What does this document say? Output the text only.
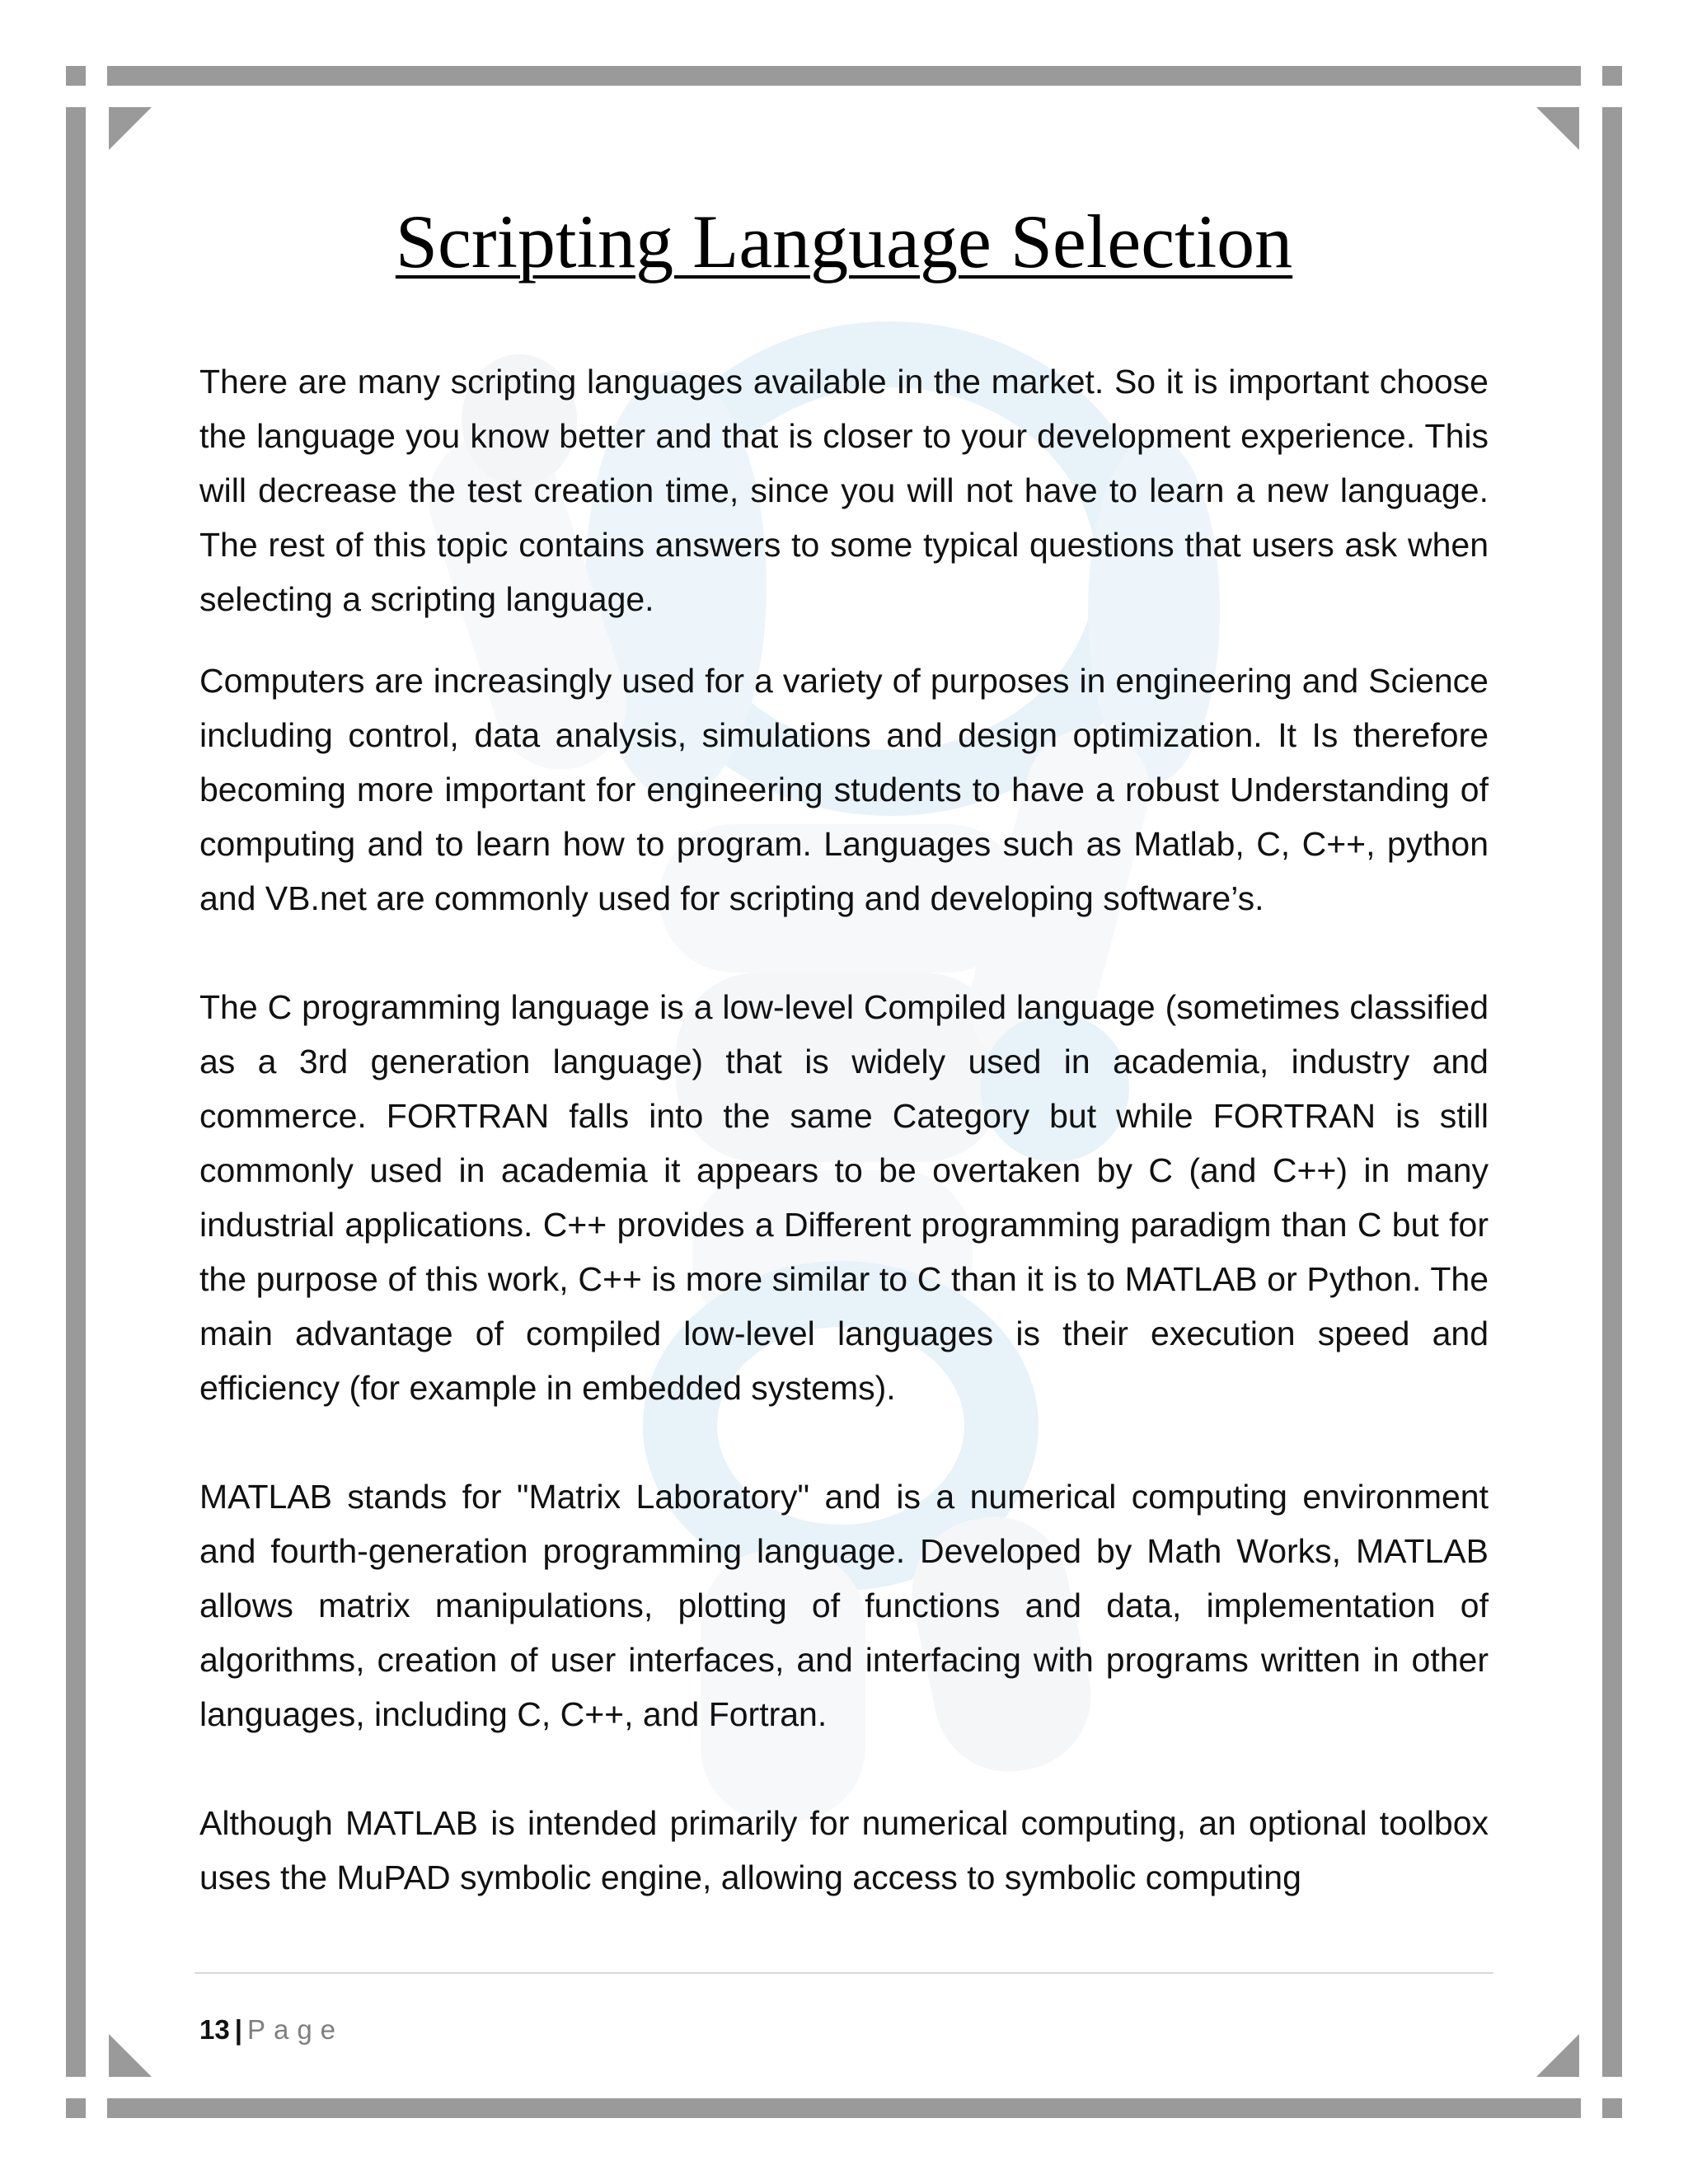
Scripting Language Selection

There are many scripting languages available in the market. So it is important choose the language you know better and that is closer to your development experience. This will decrease the test creation time, since you will not have to learn a new language. The rest of this topic contains answers to some typical questions that users ask when selecting a scripting language.

Computers are increasingly used for a variety of purposes in engineering and Science including control, data analysis, simulations and design optimization. It Is therefore becoming more important for engineering students to have a robust Understanding of computing and to learn how to program. Languages such as Matlab, C, C++, python and VB.net are commonly used for scripting and developing software’s.

The C programming language is a low-level Compiled language (sometimes classified as a 3rd generation language) that is widely used in academia, industry and commerce. FORTRAN falls into the same Category but while FORTRAN is still commonly used in academia it appears to be overtaken by C (and C++) in many industrial applications. C++ provides a Different programming paradigm than C but for the purpose of this work, C++ is more similar to C than it is to MATLAB or Python. The main advantage of compiled low-level languages is their execution speed and efficiency (for example in embedded systems).

MATLAB stands for "Matrix Laboratory" and is a numerical computing environment and fourth-generation programming language. Developed by Math Works, MATLAB allows matrix manipulations, plotting of functions and data, implementation of algorithms, creation of user interfaces, and interfacing with programs written in other languages, including C, C++, and Fortran.

Although MATLAB is intended primarily for numerical computing, an optional toolbox uses the MuPAD symbolic engine, allowing access to symbolic computing

13 | Page
